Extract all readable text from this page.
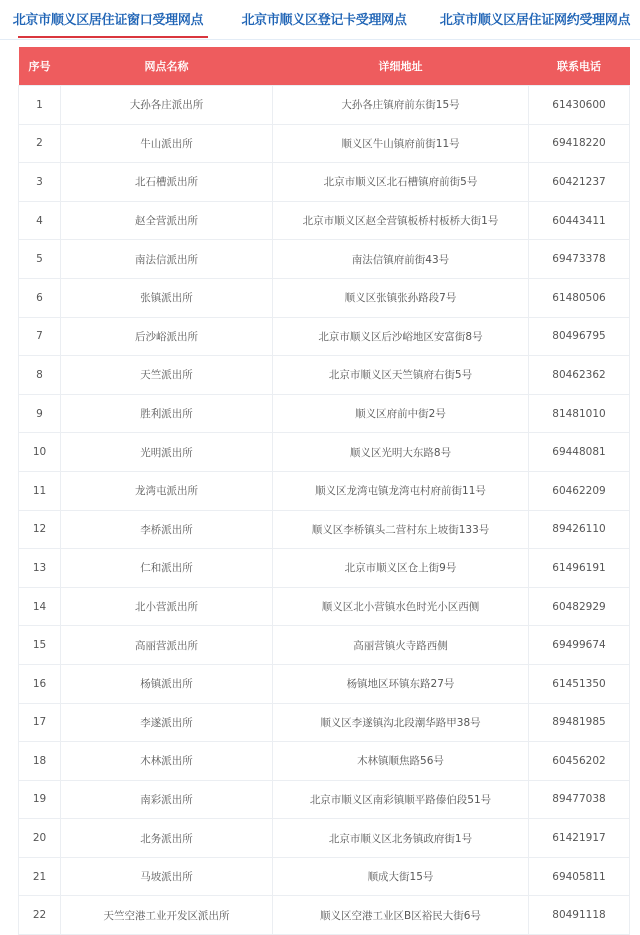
北京市顺义区居住证窗口受理网点	北京市顺义区登记卡受理网点	北京市顺义区居住证网约受理网点
序号	网点名称	详细地址	联系电话
1	大孙各庄派出所	大孙各庄镇府前东街15号	61430600
2	牛山派出所	顺义区牛山镇府前街11号	69418220
3	北石槽派出所	北京市顺义区北石槽镇府前街5号	60421237
4	赵全营派出所	北京市顺义区赵全营镇板桥村板桥大街1号	60443411
5	南法信派出所	南法信镇府前街43号	69473378
6	张镇派出所	顺义区张镇张孙路段7号	61480506
7	后沙峪派出所	北京市顺义区后沙峪地区安富街8号	80496795
8	天竺派出所	北京市顺义区天竺镇府右街5号	80462362
9	胜利派出所	顺义区府前中街2号	81481010
10	光明派出所	顺义区光明大东路8号	69448081
11	龙湾屯派出所	顺义区龙湾屯镇龙湾屯村府前街11号	60462209
12	李桥派出所	顺义区李桥镇头二营村东上坡街133号	89426110
13	仁和派出所	北京市顺义区仓上街9号	61496191
14	北小营派出所	顺义区北小营镇水色时光小区西侧	60482929
15	高丽营派出所	高丽营镇火寺路西侧	69499674
16	杨镇派出所	杨镇地区环镇东路27号	61451350
17	李遂派出所	顺义区李遂镇沟北段潮华路甲38号	89481985
18	木林派出所	木林镇顺焦路56号	60456202
19	南彩派出所	北京市顺义区南彩镇顺平路傣伯段51号	89477038
20	北务派出所	北京市顺义区北务镇政府街1号	61421917
21	马坡派出所	顺成大街15号	69405811
22	天竺空港工业开发区派出所	顺义区空港工业区B区裕民大街6号	80491118
